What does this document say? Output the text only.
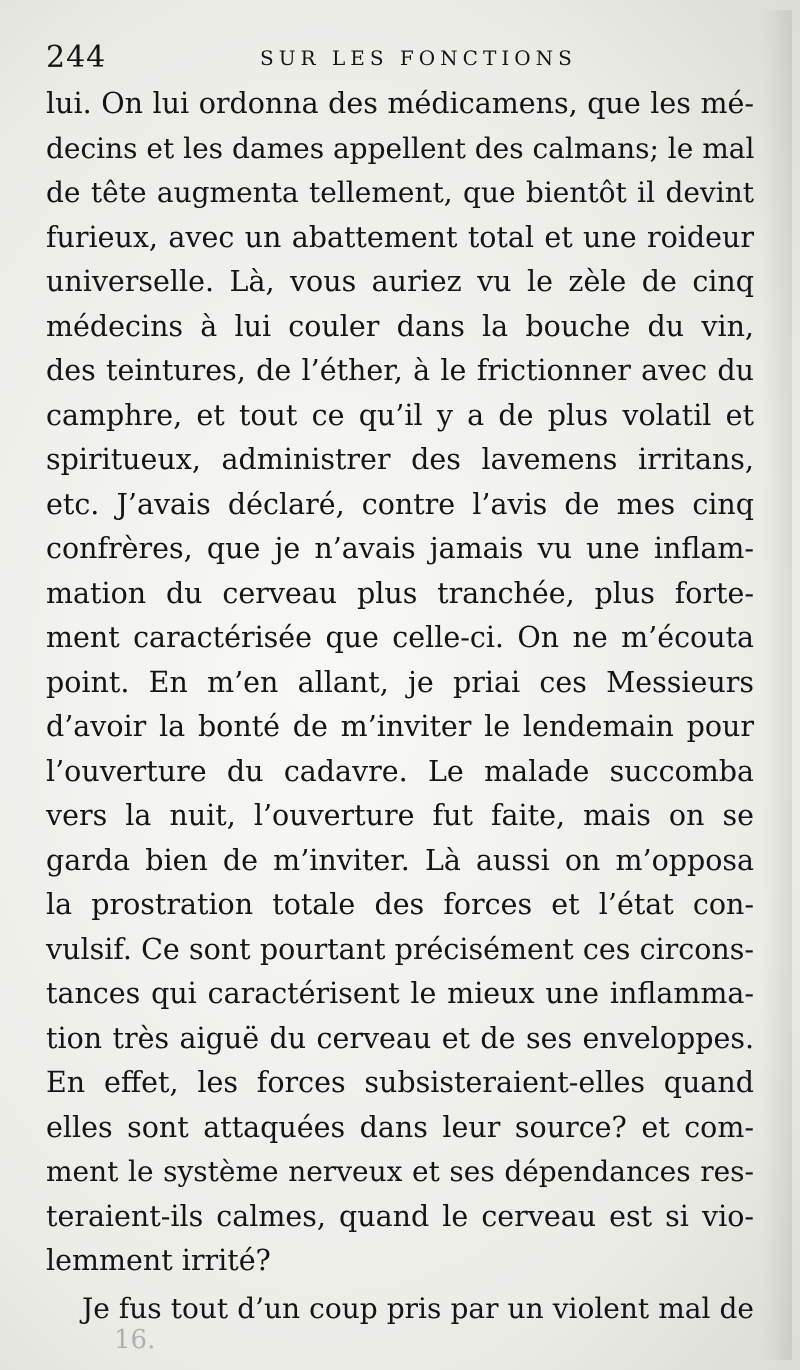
244	SUR LES FONCTIONS
lui. On lui ordonna des médicamens, que les mé-
decins et les dames appellent des calmans; le mal
de tête augmenta tellement, que bientôt il devint
furieux, avec un abattement total et une roideur
universelle. Là, vous auriez vu le zèle de cinq
médecins à lui couler dans la bouche du vin,
des teintures, de l’éther, à le frictionner avec du
camphre, et tout ce qu’il y a de plus volatil et
spiritueux, administrer des lavemens irritans,
etc. J’avais déclaré, contre l’avis de mes cinq
confrères, que je n’avais jamais vu une inflam-
mation du cerveau plus tranchée, plus forte-
ment caractérisée que celle-ci. On ne m’écouta
point. En m’en allant, je priai ces Messieurs
d’avoir la bonté de m’inviter le lendemain pour
l’ouverture du cadavre. Le malade succomba
vers la nuit, l’ouverture fut faite, mais on se
garda bien de m’inviter. Là aussi on m’opposa
la prostration totale des forces et l’état con-
vulsif. Ce sont pourtant précisément ces circons-
tances qui caractérisent le mieux une inflamma-
tion très aiguë du cerveau et de ses enveloppes.
En effet, les forces subsisteraient-elles quand
elles sont attaquées dans leur source? et com-
ment le système nerveux et ses dépendances res-
teraient-ils calmes, quand le cerveau est si vio-
lemment irrité?
Je fus tout d’un coup pris par un violent mal de
16.
